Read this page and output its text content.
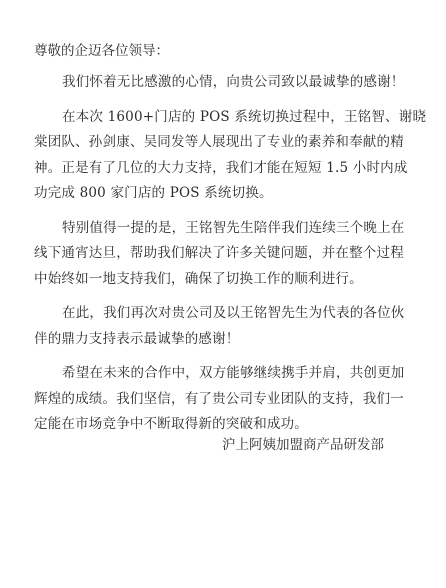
尊敬的企迈各位领导：
我们怀着无比感激的心情，向贵公司致以最诚挚的感谢！
在本次 1600+门店的 POS 系统切换过程中，王铭智、谢晓
棠团队、孙剑康、吴同发等人展现出了专业的素养和奉献的精
神。正是有了几位的大力支持，我们才能在短短 1.5 小时内成
功完成 800 家门店的 POS 系统切换。
特别值得一提的是，王铭智先生陪伴我们连续三个晚上在
线下通宵达旦，帮助我们解决了许多关键问题，并在整个过程
中始终如一地支持我们，确保了切换工作的顺利进行。
在此，我们再次对贵公司及以王铭智先生为代表的各位伙
伴的鼎力支持表示最诚挚的感谢！
希望在未来的合作中，双方能够继续携手并肩，共创更加
辉煌的成绩。我们坚信，有了贵公司专业团队的支持，我们一
定能在市场竞争中不断取得新的突破和成功。
沪上阿姨加盟商产品研发部
